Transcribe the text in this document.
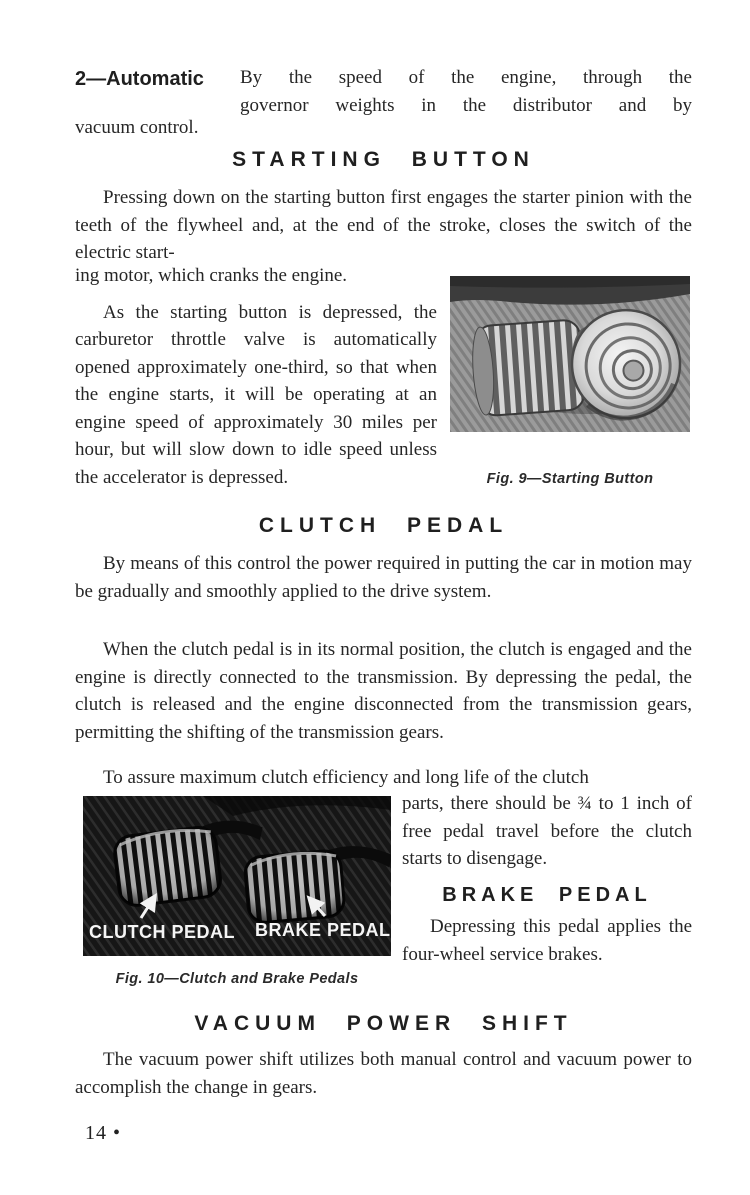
2—Automatic By the speed of the engine, through the
governor weights in the distributor and by
vacuum control.
STARTING BUTTON
Pressing down on the starting button first engages the starter pinion with the teeth of the flywheel and, at the end of the stroke, closes the switch of the electric start-
ing motor, which cranks the engine.
As the starting button is depressed, the carburetor throttle valve is automatically opened approximately one-third, so that when the engine starts, it will be operating at an engine speed of approximately 30 miles per hour, but will slow down to idle speed unless the accelerator is depressed.	Fig. 9—Starting Button
CLUTCH PEDAL
By means of this control the power required in putting the car in motion may be gradually and smoothly applied to the drive system.
When the clutch pedal is in its normal position, the clutch is engaged and the engine is directly connected to the transmission. By depressing the pedal, the clutch is released and the engine disconnected from the transmission gears, permitting the shifting of the transmission gears.
To assure maximum clutch efficiency and long life of the clutch
CLUTCH PEDAL BRAKE PEDAL
Fig. 10—Clutch and Brake Pedals
parts, there should be ¾ to 1 inch of free pedal travel before the clutch starts to disengage.
BRAKE PEDAL
Depressing this pedal applies the four-wheel service brakes.
VACUUM POWER SHIFT
The vacuum power shift utilizes both manual control and vacuum power to accomplish the change in gears.
14 •
